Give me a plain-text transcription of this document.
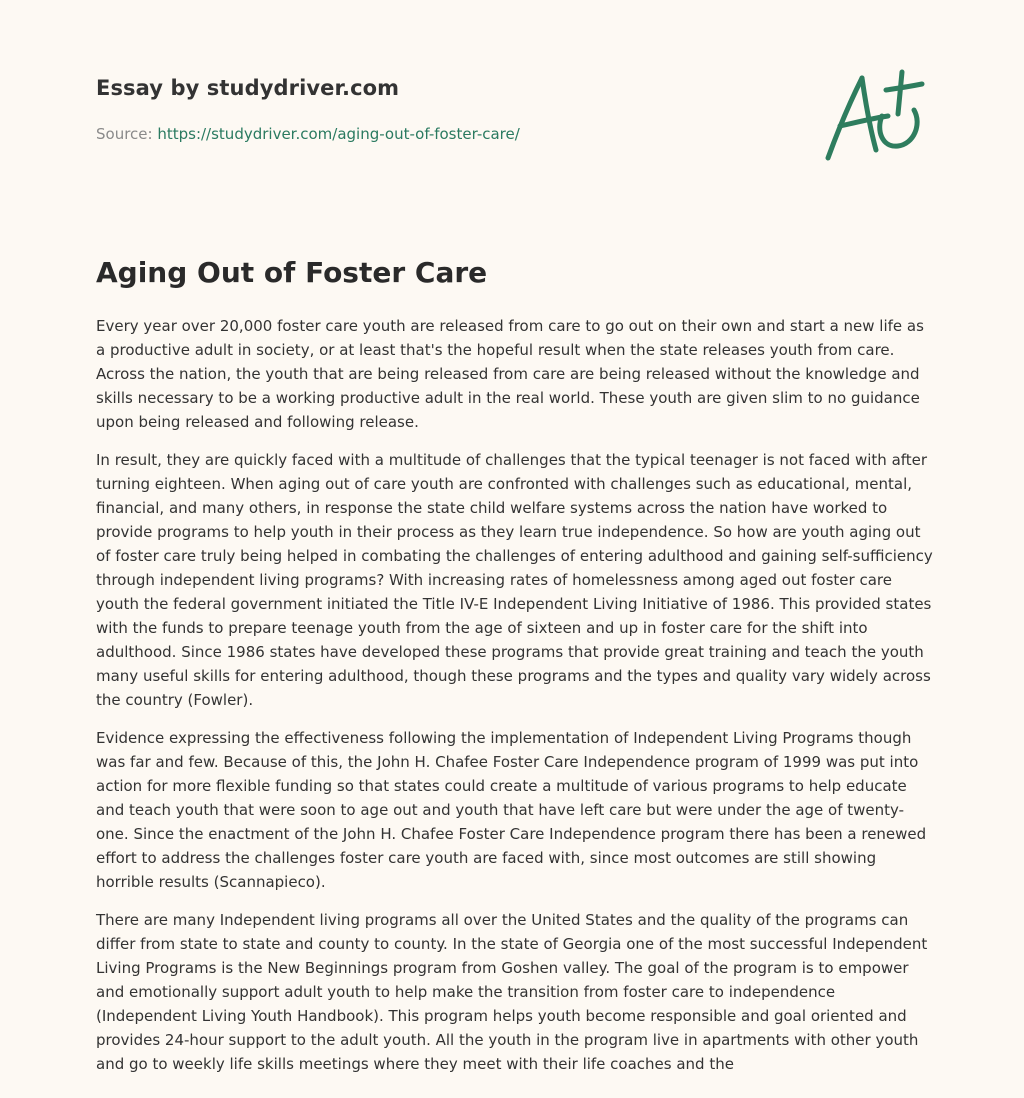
Essay by studydriver.com
Source: https://studydriver.com/aging-out-of-foster-care/
Aging Out of Foster Care

Every year over 20,000 foster care youth are released from care to go out on their own and start a new life as a productive adult in society, or at least that's the hopeful result when the state releases youth from care. Across the nation, the youth that are being released from care are being released without the knowledge and skills necessary to be a working productive adult in the real world. These youth are given slim to no guidance upon being released and following release.

In result, they are quickly faced with a multitude of challenges that the typical teenager is not faced with after turning eighteen. When aging out of care youth are confronted with challenges such as educational, mental, financial, and many others, in response the state child welfare systems across the nation have worked to provide programs to help youth in their process as they learn true independence. So how are youth aging out of foster care truly being helped in combating the challenges of entering adulthood and gaining self-sufficiency through independent living programs? With increasing rates of homelessness among aged out foster care youth the federal government initiated the Title IV-E Independent Living Initiative of 1986. This provided states with the funds to prepare teenage youth from the age of sixteen and up in foster care for the shift into adulthood. Since 1986 states have developed these programs that provide great training and teach the youth many useful skills for entering adulthood, though these programs and the types and quality vary widely across the country (Fowler).

Evidence expressing the effectiveness following the implementation of Independent Living Programs though was far and few. Because of this, the John H. Chafee Foster Care Independence program of 1999 was put into action for more flexible funding so that states could create a multitude of various programs to help educate and teach youth that were soon to age out and youth that have left care but were under the age of twenty-one. Since the enactment of the John H. Chafee Foster Care Independence program there has been a renewed effort to address the challenges foster care youth are faced with, since most outcomes are still showing horrible results (Scannapieco).

There are many Independent living programs all over the United States and the quality of the programs can differ from state to state and county to county. In the state of Georgia one of the most successful Independent Living Programs is the New Beginnings program from Goshen valley. The goal of the program is to empower and emotionally support adult youth to help make the transition from foster care to independence (Independent Living Youth Handbook). This program helps youth become responsible and goal oriented and provides 24-hour support to the adult youth. All the youth in the program live in apartments with other youth and go to weekly life skills meetings where they meet with their life coaches and the
